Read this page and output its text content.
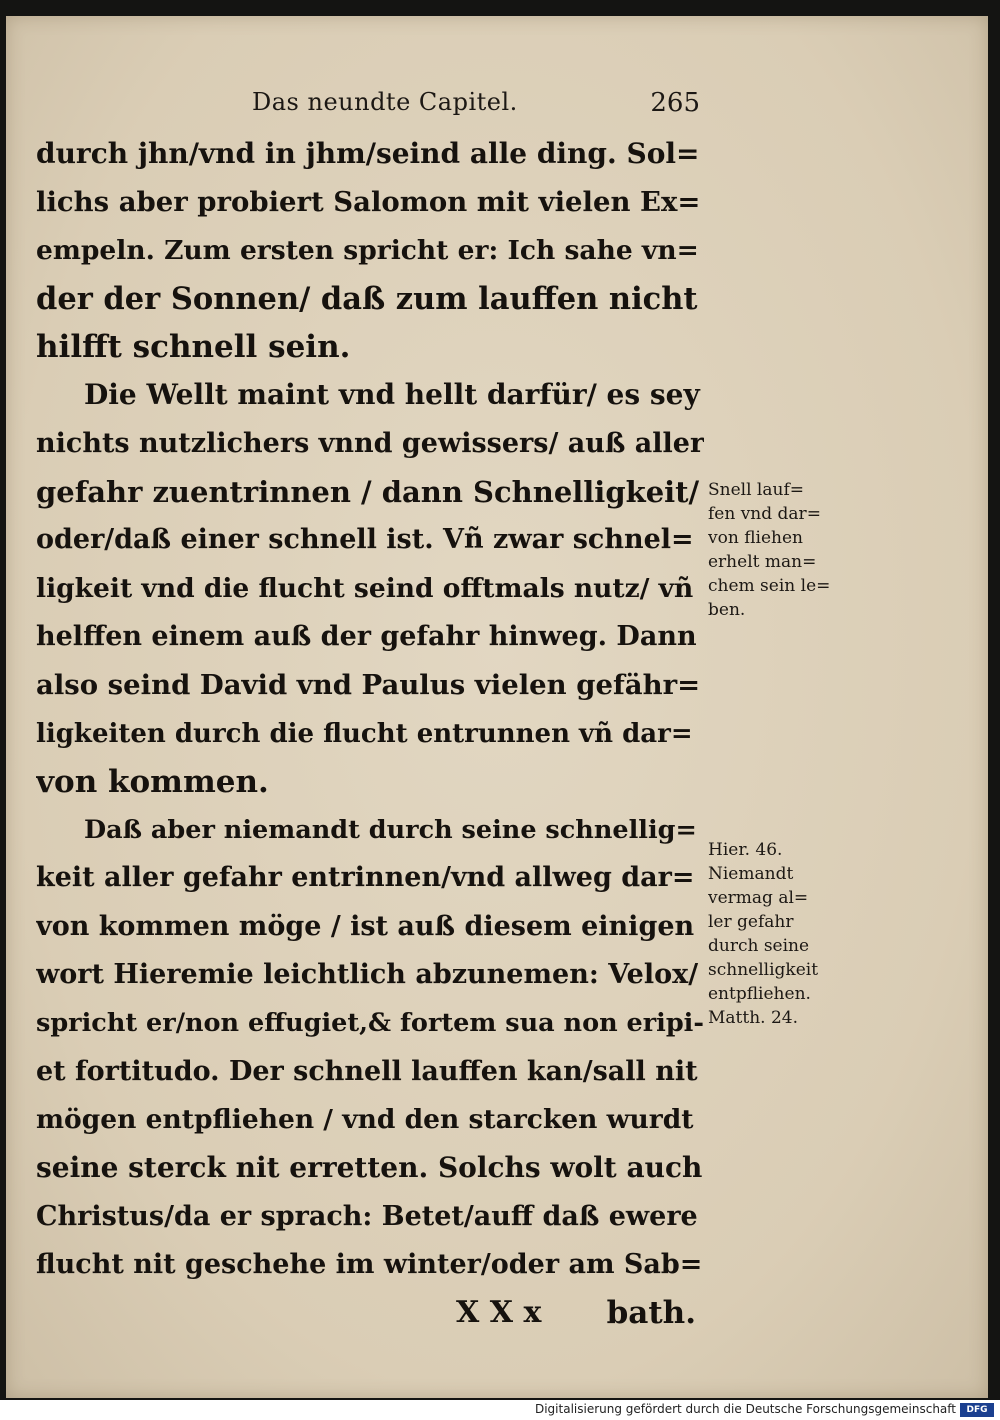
Das neundte Capitel.	265
durch jhn/vnd in jhm/seind alle ding. Sol=
lichs aber probiert Salomon mit vielen Ex=
empeln. Zum ersten spricht er: Ich sahe vn=
der der Sonnen/ daß zum lauffen nicht
hilfft schnell sein.
Die Wellt maint vnd hellt darfür/ es sey
nichts nutzlichers vnnd gewissers/ auß aller
gefahr zuentrinnen / dann Schnelligkeit/
oder/daß einer schnell ist. Vñ zwar schnel=
ligkeit vnd die flucht seind offtmals nutz/ vñ
helffen einem auß der gefahr hinweg. Dann
also seind David vnd Paulus vielen gefähr=
ligkeiten durch die flucht entrunnen vñ dar=
von kommen.
Daß aber niemandt durch seine schnellig=
keit aller gefahr entrinnen/vnd allweg dar=
von kommen möge / ist auß diesem einigen
wort Hieremie leichtlich abzunemen: Velox/
spricht er/non effugiet,& fortem sua non eripi-
et fortitudo. Der schnell lauffen kan/sall nit
mögen entpfliehen / vnd den starcken wurdt
seine sterck nit erretten. Solchs wolt auch
Christus/da er sprach: Betet/auff daß ewere
flucht nit geschehe im winter/oder am Sab=
X X x bath.
Snell lauf=
fen vnd dar=
von fliehen
erhelt man=
chem sein le=
ben.
Hier. 46.
Niemandt
vermag al=
ler gefahr
durch seine
schnelligkeit
entpfliehen.
Matth. 24.
Digitalisierung gefördert durch die Deutsche Forschungsgemeinschaft	DFG
